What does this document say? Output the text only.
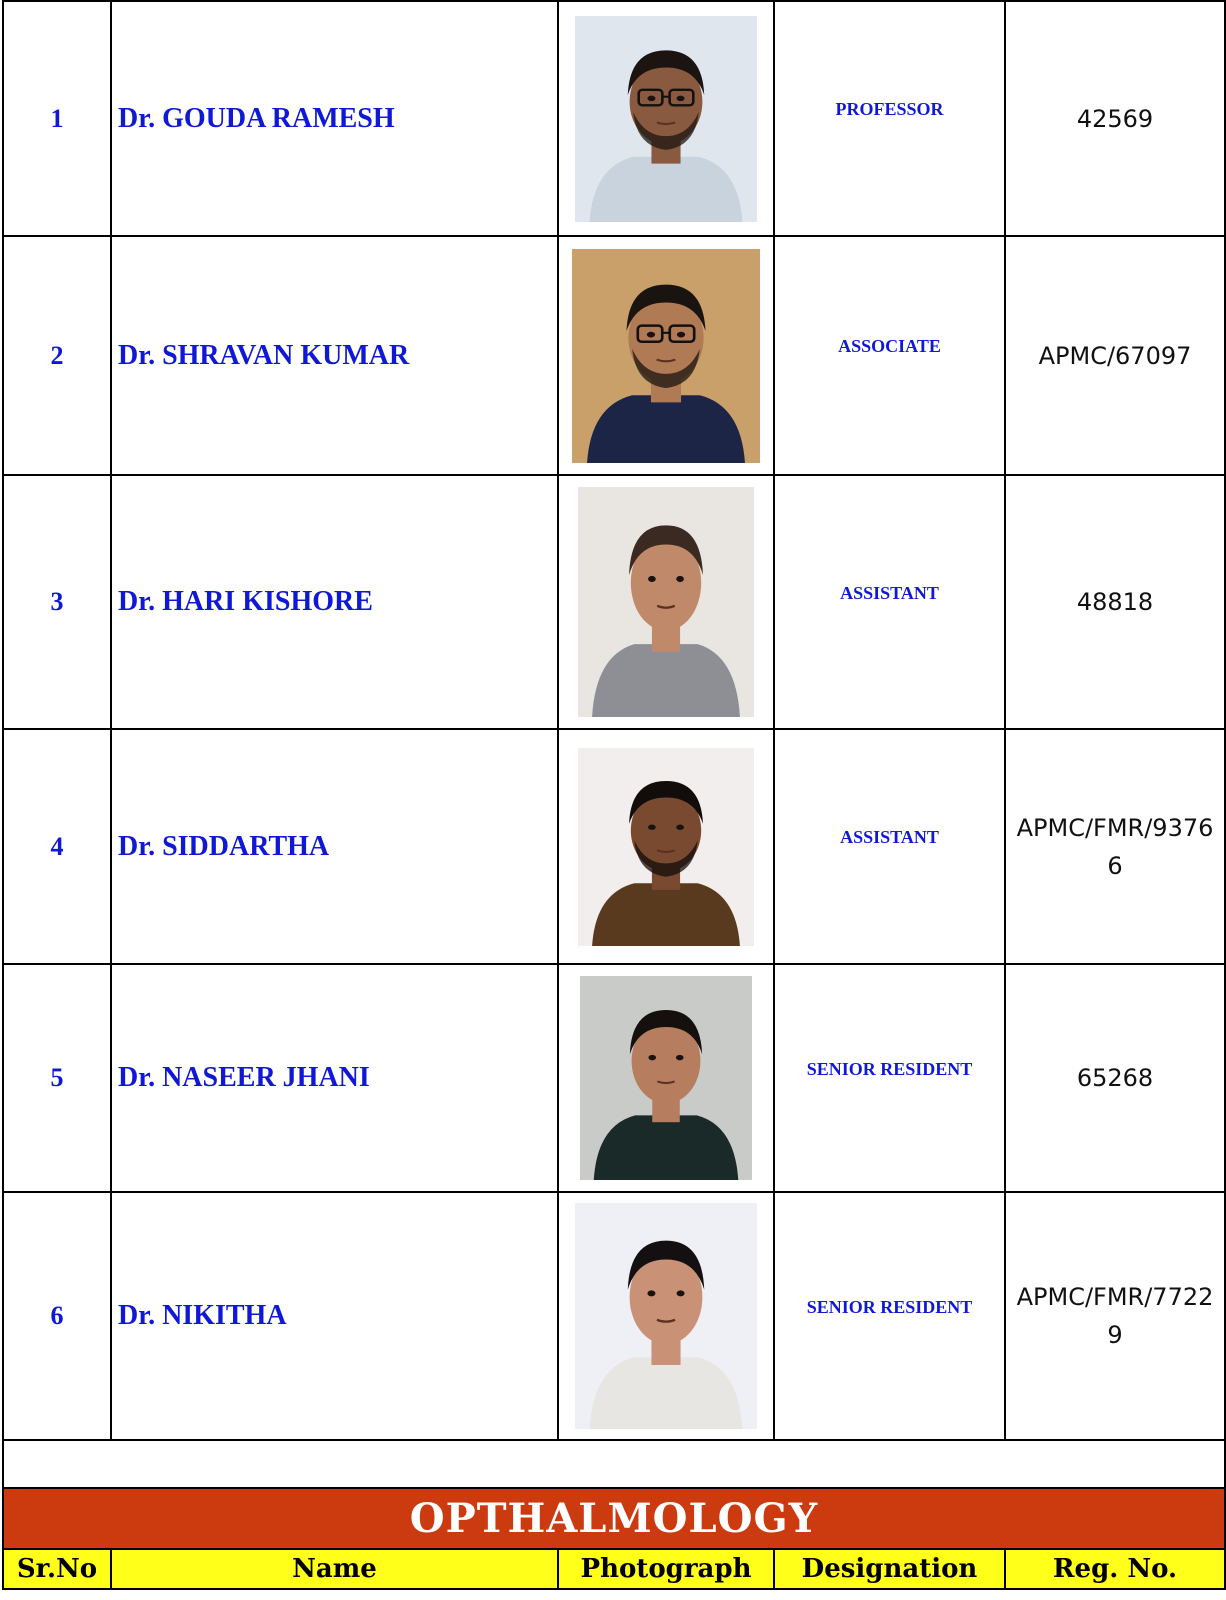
1	Dr. GOUDA RAMESH		PROFESSOR	42569
2	Dr. SHRAVAN KUMAR		ASSOCIATE	APMC/67097
3	Dr. HARI KISHORE		ASSISTANT	48818
4	Dr. SIDDARTHA		ASSISTANT	APMC/FMR/93766
5	Dr. NASEER JHANI		SENIOR RESIDENT	65268
6	Dr. NIKITHA		SENIOR RESIDENT	APMC/FMR/77229

OPTHALMOLOGY				
Sr.No	Name	Photograph	Designation	Reg. No.
